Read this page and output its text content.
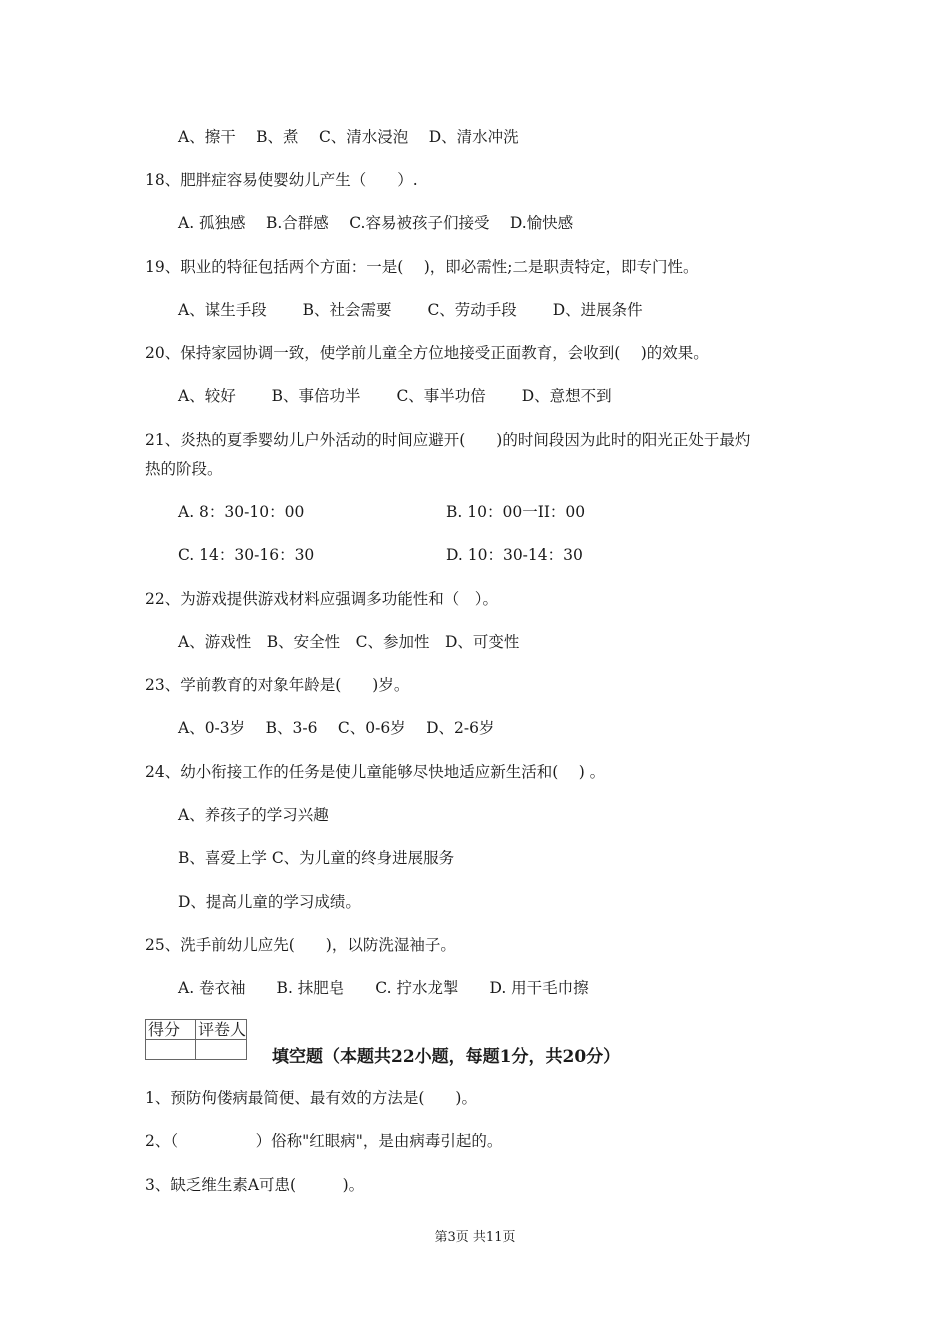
A、擦干　 B、煮　 C、清水浸泡　 D、清水冲洗
18、肥胖症容易使婴幼儿产生（　　）.
A. 孤独感　 B.合群感　 C.容易被孩子们接受　 D.愉快感
19、职业的特征包括两个方面：一是(　 )，即必需性;二是职责特定，即专门性。
A、谋生手段　　 B、社会需要　　 C、劳动手段　　 D、进展条件
20、保持家园协调一致，使学前儿童全方位地接受正面教育，会收到(　 )的效果。
A、较好　　 B、事倍功半　　 C、事半功倍　　 D、意想不到
21、炎热的夏季婴幼儿户外活动的时间应避开(　　)的时间段因为此时的阳光正处于最灼
热的阶段。
A. 8：30-10：00	B. 10：00一II：00
C. 14：30-16：30	D. 10：30-14：30
22、为游戏提供游戏材料应强调多功能性和（　）。
A、游戏性　B、安全性　C、参加性　D、可变性
23、学前教育的对象年龄是(　　)岁。
A、0-3岁　 B、3-6　 C、0-6岁　 D、2-6岁
24、幼小衔接工作的任务是使儿童能够尽快地适应新生活和(　 ) 。
A、养孩子的学习兴趣
B、喜爱上学 C、为儿童的终身进展服务
D、提高儿童的学习成绩。
25、洗手前幼儿应先(　　)，以防洗湿袖子。
A. 卷衣袖　　B. 抹肥皂　　C. 拧水龙掣　　D. 用干毛巾擦
得分	评卷人

填空题（本题共22小题，每题1分，共20分）
1、预防佝偻病最简便、最有效的方法是(　　)。
2、（　　　　　）俗称"红眼病"，是由病毒引起的。
3、缺乏维生素A可患(　　　)。
第3页 共11页
